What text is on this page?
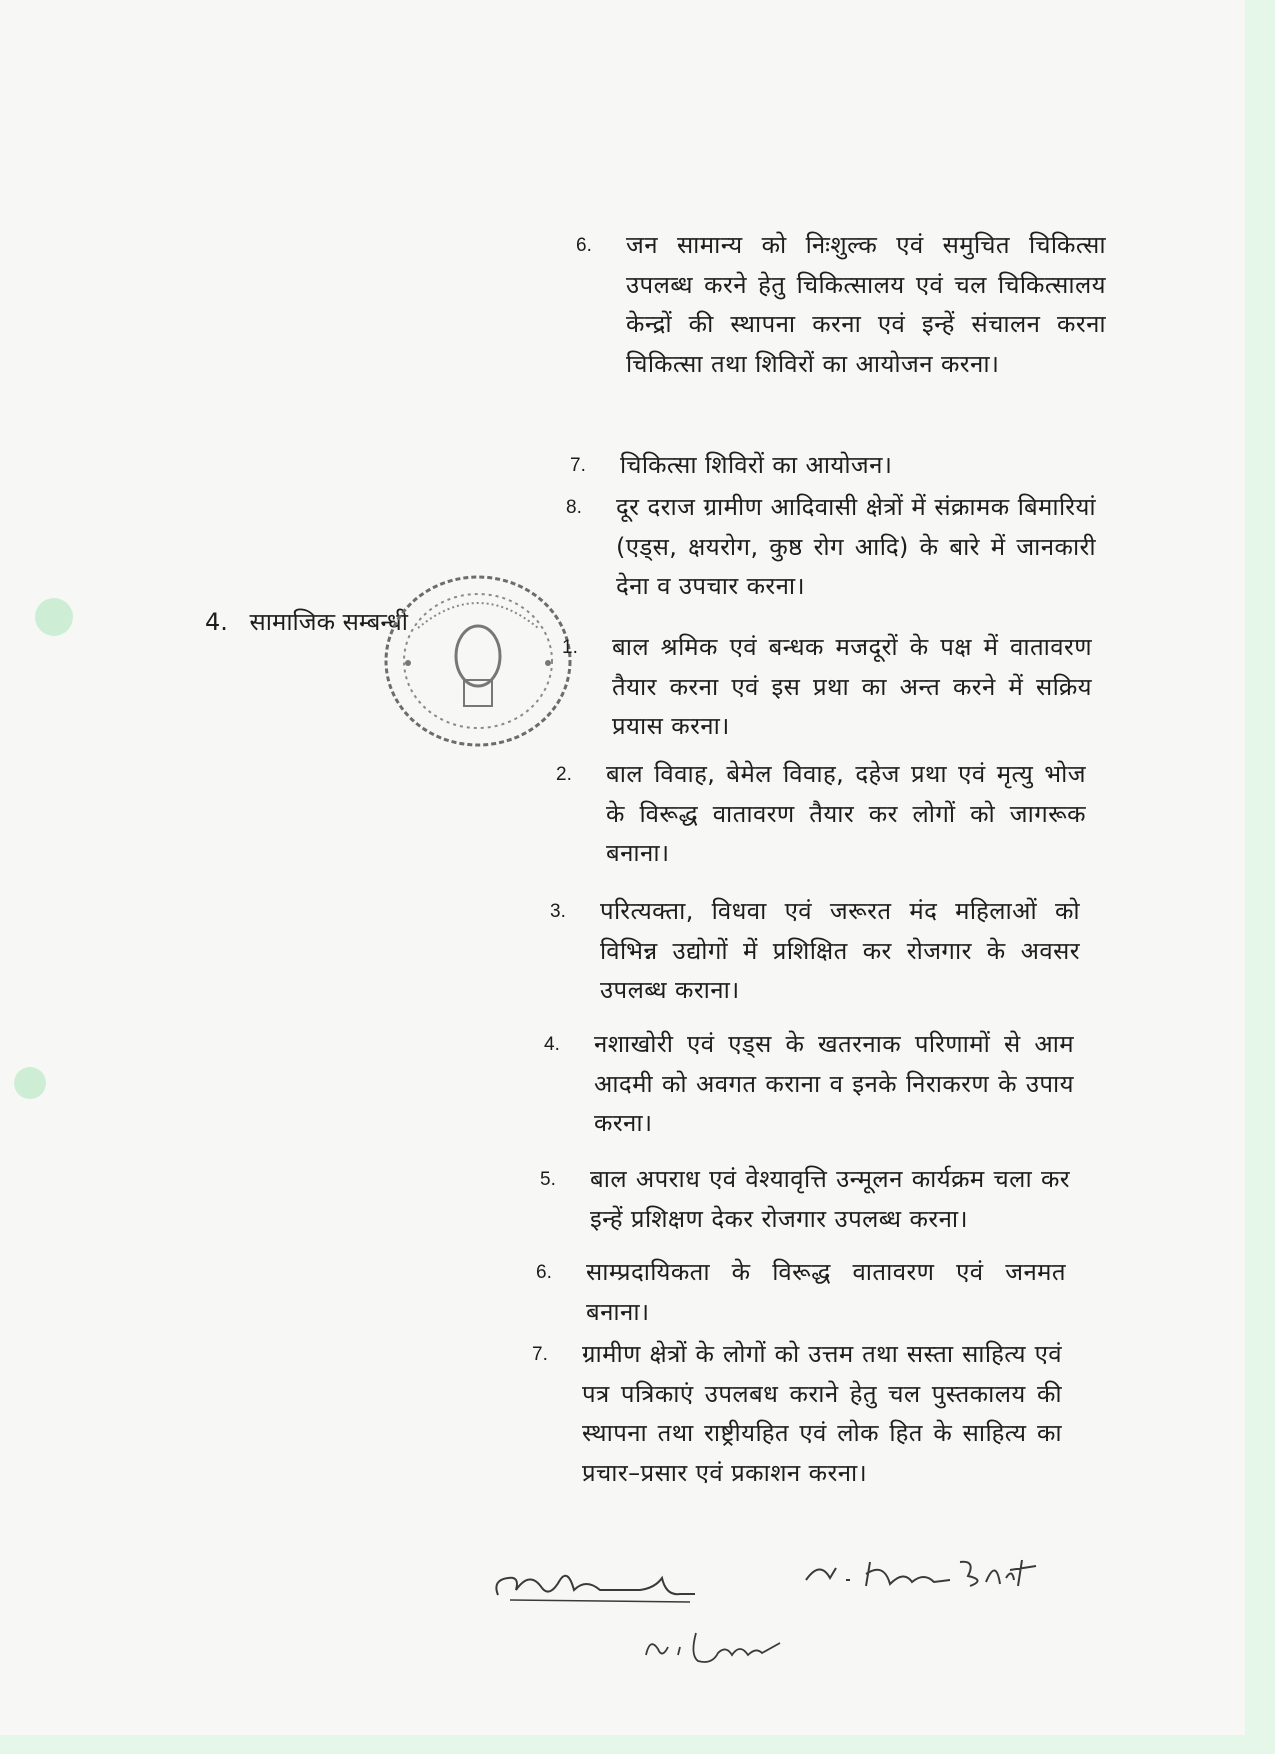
6. जन सामान्य को निःशुल्क एवं समुचित चिकित्सा उपलब्ध करने हेतु चिकित्सालय एवं चल चिकित्सालय केन्द्रों की स्थापना करना एवं इन्हें संचालन करना चिकित्सा तथा शिविरों का आयोजन करना।
7. चिकित्सा शिविरों का आयोजन।
8. दूर दराज ग्रामीण आदिवासी क्षेत्रों में संक्रामक बिमारियां (एड्स, क्षयरोग, कुष्ठ रोग आदि) के बारे में जानकारी देना व उपचार करना।
4. सामाजिक सम्बन्धी
1. बाल श्रमिक एवं बन्धक मजदूरों के पक्ष में वातावरण तैयार करना एवं इस प्रथा का अन्त करने में सक्रिय प्रयास करना।
2. बाल विवाह, बेमेल विवाह, दहेज प्रथा एवं मृत्यु भोज के विरूद्ध वातावरण तैयार कर लोगों को जागरूक बनाना।
3. परित्यक्ता, विधवा एवं जरूरत मंद महिलाओं को विभिन्न उद्योगों में प्रशिक्षित कर रोजगार के अवसर उपलब्ध कराना।
4. नशाखोरी एवं एड्स के खतरनाक परिणामों से आम आदमी को अवगत कराना व इनके निराकरण के उपाय करना।
5. बाल अपराध एवं वेश्यावृत्ति उन्मूलन कार्यक्रम चला कर इन्हें प्रशिक्षण देकर रोजगार उपलब्ध करना।
6. साम्प्रदायिकता के विरूद्ध वातावरण एवं जनमत बनाना।
7. ग्रामीण क्षेत्रों के लोगों को उत्तम तथा सस्ता साहित्य एवं पत्र पत्रिकाएं उपलबध कराने हेतु चल पुस्तकालय की स्थापना तथा राष्ट्रीयहित एवं लोक हित के साहित्य का प्रचार–प्रसार एवं प्रकाशन करना।
